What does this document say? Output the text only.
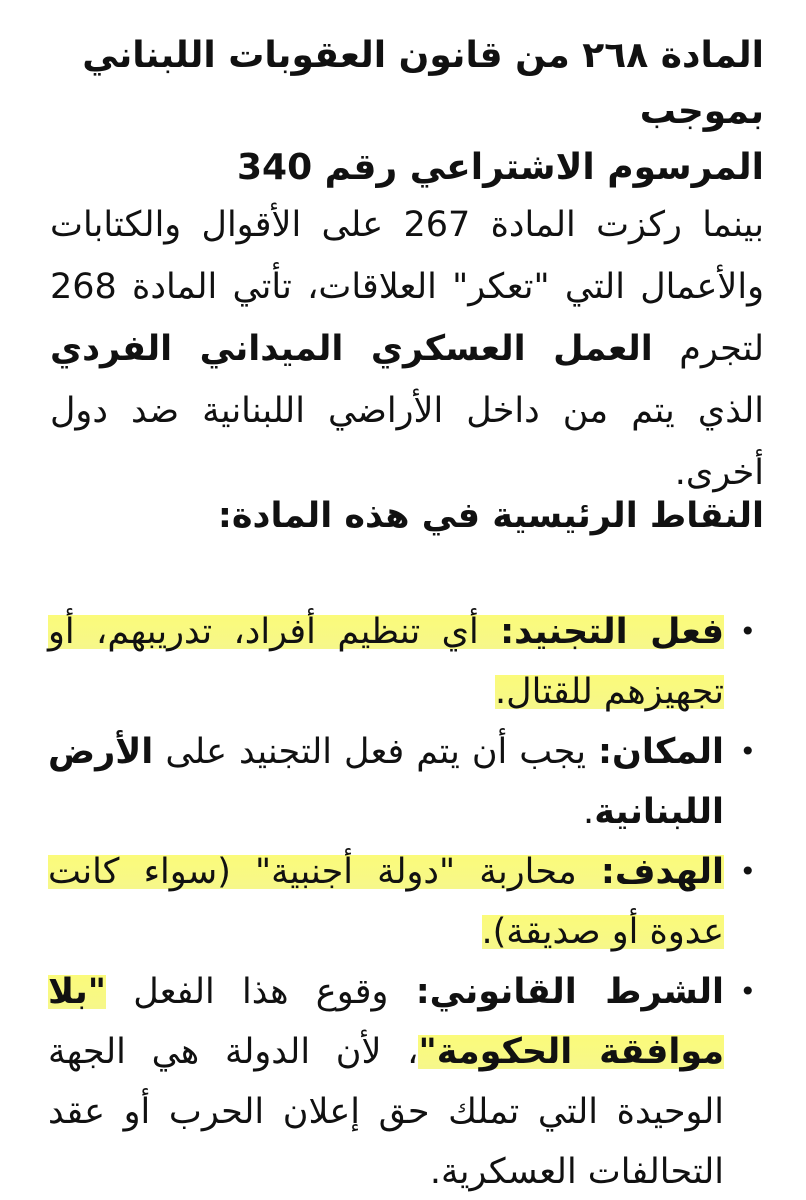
المادة ٢٦٨ من قانون العقوبات اللبناني بموجب
المرسوم الاشتراعي رقم 340

بينما ركزت المادة 267 على الأقوال والكتابات والأعمال التي "تعكر" العلاقات، تأتي المادة 268 لتجرم العمل العسكري الميداني الفردي الذي يتم من داخل الأراضي اللبنانية ضد دول أخرى.

النقاط الرئيسية في هذه المادة:
•
فعل التجنيد: أي تنظيم أفراد، تدريبهم، أو تجهيزهم للقتال.
•
المكان: يجب أن يتم فعل التجنيد على الأرض اللبنانية.
•
الهدف: محاربة "دولة أجنبية" (سواء كانت عدوة أو صديقة).
•
الشرط القانوني: وقوع هذا الفعل "بلا موافقة الحكومة"، لأن الدولة هي الجهة الوحيدة التي تملك حق إعلان الحرب أو عقد التحالفات العسكرية.
